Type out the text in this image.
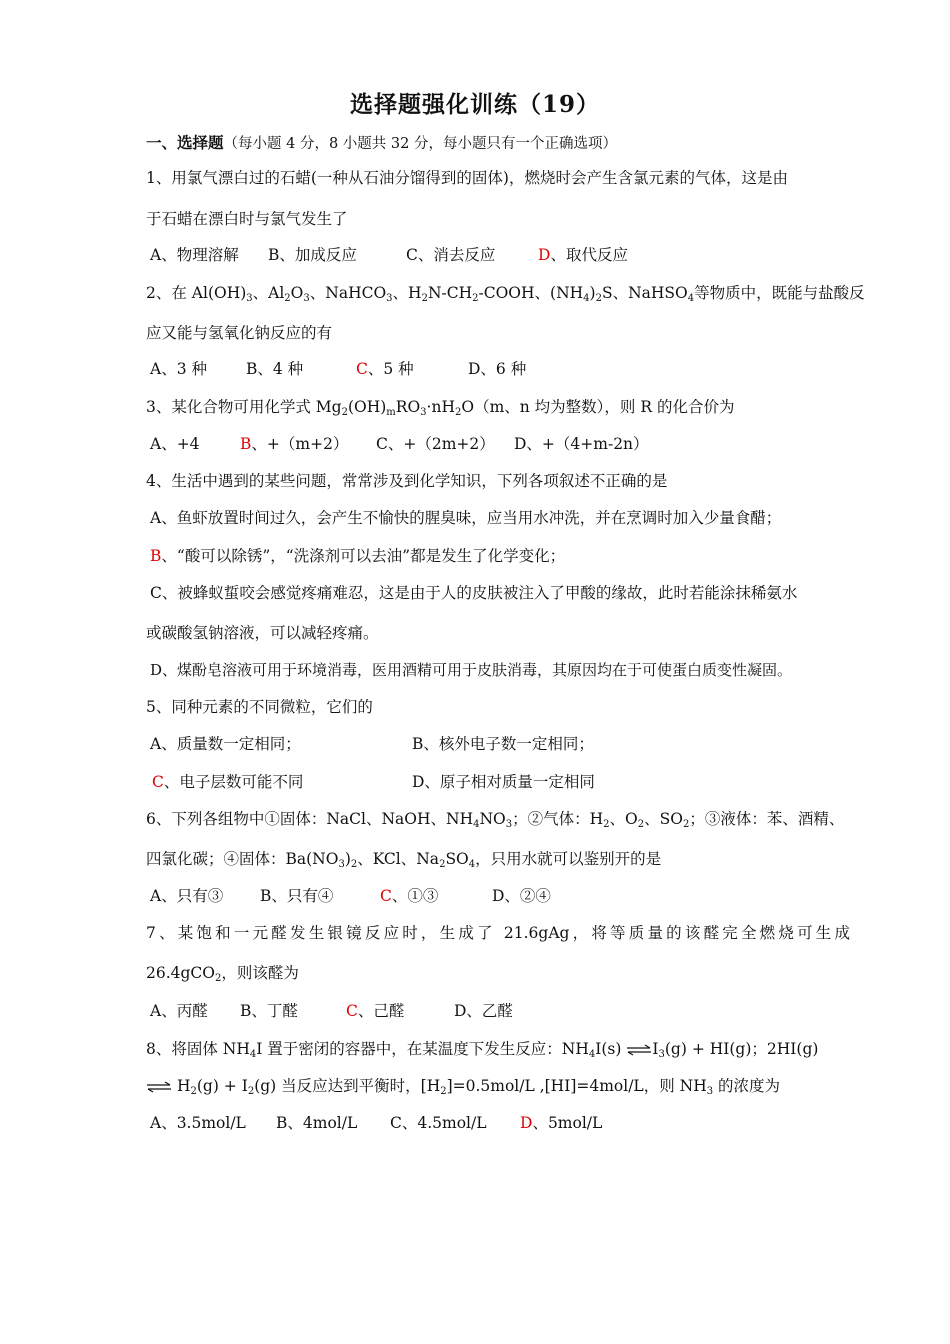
选择题强化训练（19）
一、选择题（每小题 4 分，8 小题共 32 分，每小题只有一个正确选项）
1、用氯气漂白过的石蜡(一种从石油分馏得到的固体)，燃烧时会产生含氯元素的气体，这是由
于石蜡在漂白时与氯气发生了
A、物理溶解 B、加成反应	C、消去反应	D、取代反应
2、在 $Al(OH)_3$、$Al_2O_3$、NaHCO$_3$、$H_2N-CH_2$-COOH、$(NH_4)_2S$、NaHSO$_4$等物质中，既能与盐酸反
应又能与氢氧化钠反应的有
A、3 种	B、4 种	C、5 种	D、6 种
3、某化合物可用化学式 $Mg_2(OH)_mRO_3\cdot nH_2O(m$、n 均为整数），则 R 的化合价为
A、+4	B、+（m+2） C、+（2m+2） D、+（4+m-2n）
4、生活中遇到的某些问题，常常涉及到化学知识，下列各项叙述不正确的是
A、鱼虾放置时间过久，会产生不愉快的腥臭味，应当用水冲洗，并在烹调时加入少量食醋；
B、“酸可以除锈”，“洗涤剂可以去油”都是发生了化学变化；
C、被蜂蚁蜇咬会感觉疼痛难忍，这是由于人的皮肤被注入了甲酸的缘故，此时若能涂抹稀氨水
或碳酸氢钠溶液，可以减轻疼痛。
D、煤酚皂溶液可用于环境消毒，医用酒精可用于皮肤消毒，其原因均在于可使蛋白质变性凝固。
5、同种元素的不同微粒，它们的
A、质量数一定相同；	B、核外电子数一定相同；
C、电子层数可能不同	D、原子相对质量一定相同
6、下列各组物中①固体：NaCl、NaOH、$NH_4NO_3$；②气体：$H_2$、$O_2$、$SO_2$；③液体：苯、酒精、
四氯化碳；④固体：$Ba(NO_3)_2$、KCl、$Na_2SO_4$，只用水就可以鉴别开的是
A、只有③ B、只有④	C、①③	D、②④
7、某饱和一元醛发生银镜反应时，生成了 21.6gAg，将等质量的该醛完全燃烧可生成
26.4gCO$_2$，则该醛为
A、丙醛 B、丁醛	C、己醛	D、乙醛
8、将固体 $NH_4I$ 置于密闭的容器中，在某温度下发生反应：$NH_4I(s)$ $\rightleftharpoons I_3(g) + HI(g)$；2HI(g)
⇌ $H_2(g) + I_2(g)$ 当反应达到平衡时，$[H_2]=0.5mol/L$ ,[HI]=4mol/L，则 $NH_3$ 的浓度为
A、3.5mol/L B、4mol/L C、4.5mol/L D、5mol/L
